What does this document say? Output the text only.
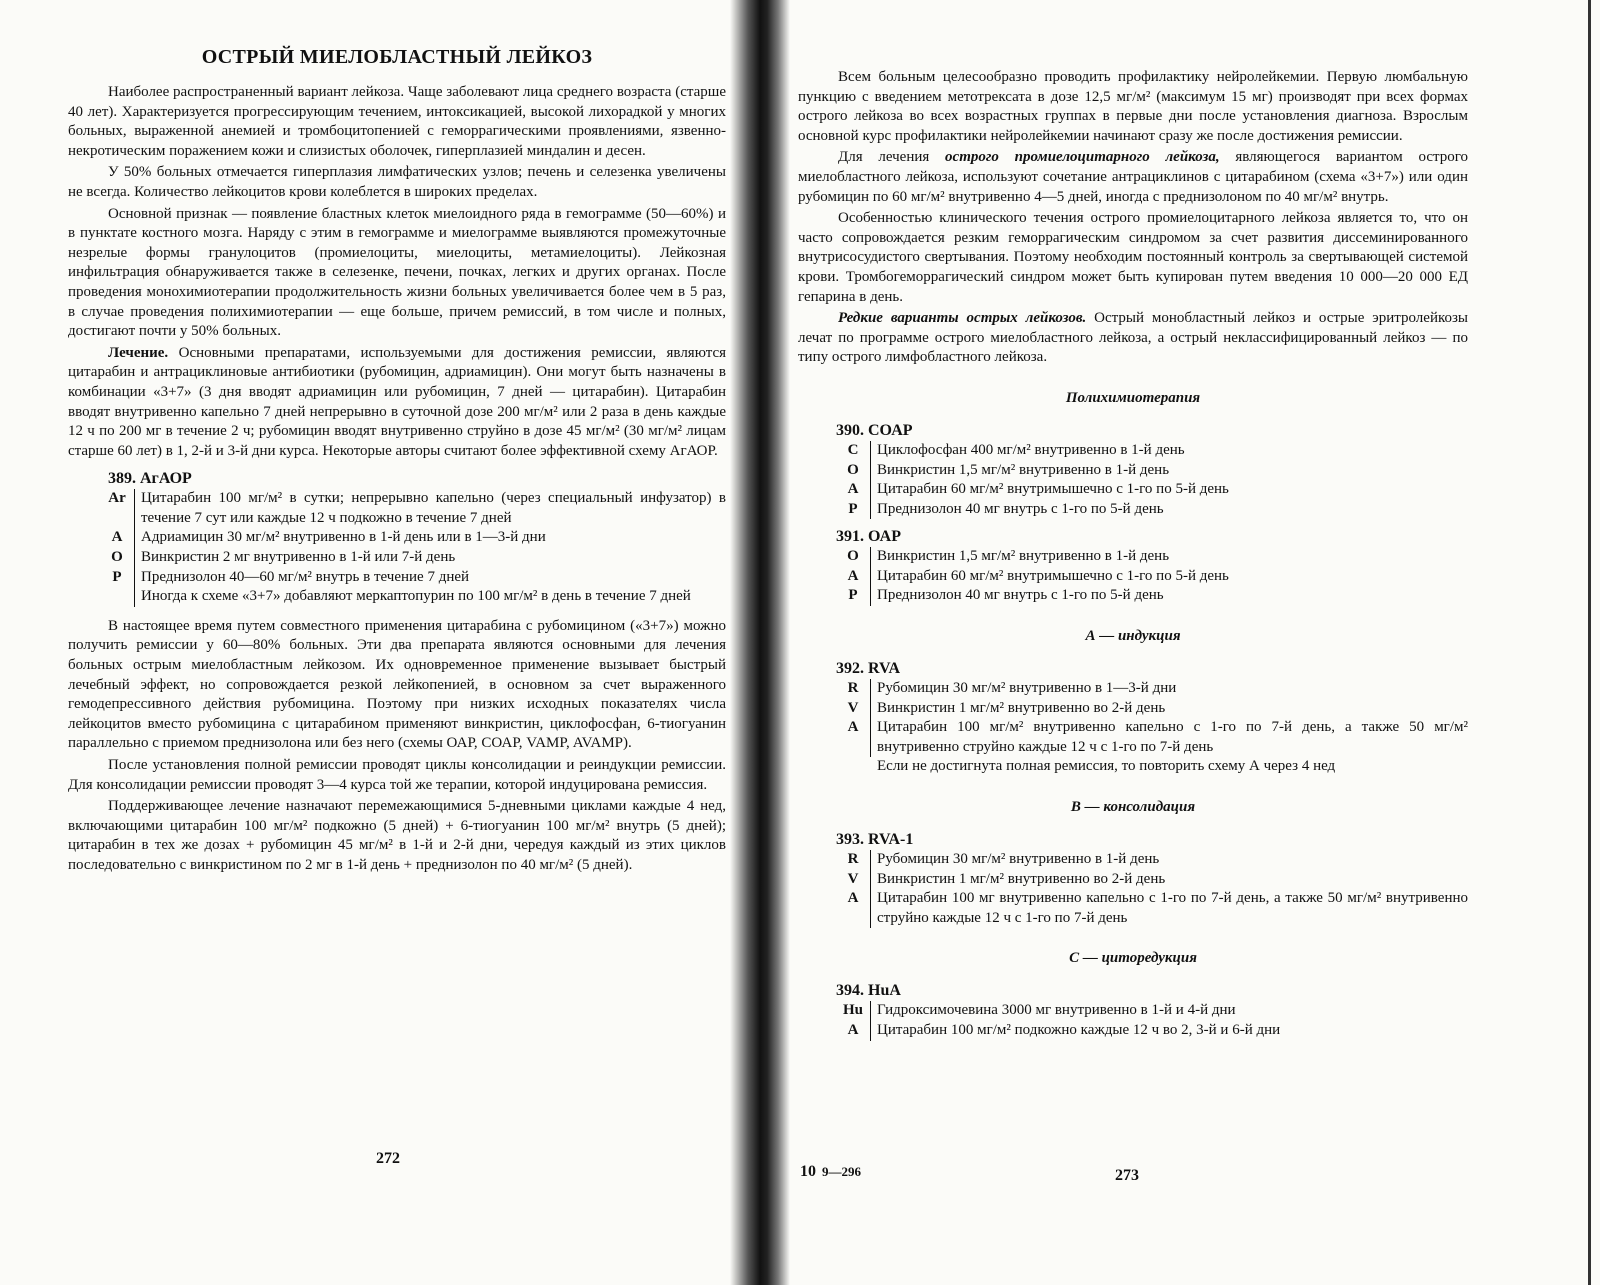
ОСТРЫЙ МИЕЛОБЛАСТНЫЙ ЛЕЙКОЗ

Наиболее распространенный вариант лейкоза. Чаще заболевают лица среднего возраста (старше 40 лет). Характеризуется прогрессирующим течением, интоксикацией, высокой лихорадкой у многих больных, выраженной анемией и тромбоцитопенией с геморрагическими проявлениями, язвенно-некротическим поражением кожи и слизистых оболочек, гиперплазией миндалин и десен.

У 50% больных отмечается гиперплазия лимфатических узлов; печень и селезенка увеличены не всегда. Количество лейкоцитов крови колеблется в широких пределах.

Основной признак — появление бластных клеток миелоидного ряда в гемограмме (50—60%) и в пунктате костного мозга. Наряду с этим в гемограмме и миелограмме выявляются промежуточные незрелые формы гранулоцитов (промиелоциты, миелоциты, метамиелоциты). Лейкозная инфильтрация обнаруживается также в селезенке, печени, почках, легких и других органах. После проведения монохимиотерапии продолжительность жизни больных увеличивается более чем в 5 раз, в случае проведения полихимиотерапии — еще больше, причем ремиссий, в том числе и полных, достигают почти у 50% больных.

Лечение. Основными препаратами, используемыми для достижения ремиссии, являются цитарабин и антрациклиновые антибиотики (рубомицин, адриамицин). Они могут быть назначены в комбинации «3+7» (3 дня вводят адриамицин или рубомицин, 7 дней — цитарабин). Цитарабин вводят внутривенно капельно 7 дней непрерывно в суточной дозе 200 мг/м² или 2 раза в день каждые 12 ч по 200 мг в течение 2 ч; рубомицин вводят внутривенно струйно в дозе 45 мг/м² (30 мг/м² лицам старше 60 лет) в 1, 2-й и 3-й дни курса. Некоторые авторы считают более эффективной схему АгАОР.

389. АгАОР
Ar	Цитарабин 100 мг/м² в сутки; непрерывно капельно (через специальный инфузатор) в течение 7 сут или каждые 12 ч подкожно в течение 7 дней
А	Адриамицин 30 мг/м² внутривенно в 1-й день или в 1—3-й дни
О	Винкристин 2 мг внутривенно в 1-й или 7-й день
Р	Преднизолон 40—60 мг/м² внутрь в течение 7 дней
Иногда к схеме «3+7» добавляют меркаптопурин по 100 мг/м² в день в течение 7 дней

В настоящее время путем совместного применения цитарабина с рубомицином («3+7») можно получить ремиссии у 60—80% больных. Эти два препарата являются основными для лечения больных острым миелобластным лейкозом. Их одновременное применение вызывает быстрый лечебный эффект, но сопровождается резкой лейкопенией, в основном за счет выраженного гемодепрессивного действия рубомицина. Поэтому при низких исходных показателях числа лейкоцитов вместо рубомицина с цитарабином применяют винкристин, циклофосфан, 6-тиогуанин параллельно с приемом преднизолона или без него (схемы ОАР, СОАР, VAMP, AVAMP).

После установления полной ремиссии проводят циклы консолидации и реиндукции ремиссии. Для консолидации ремиссии проводят 3—4 курса той же терапии, которой индуцирована ремиссия.

Поддерживающее лечение назначают перемежающимися 5-дневными циклами каждые 4 нед, включающими цитарабин 100 мг/м² подкожно (5 дней) + 6-тиогуанин 100 мг/м² внутрь (5 дней); цитарабин в тех же дозах + рубомицин 45 мг/м² в 1-й и 2-й дни, чередуя каждый из этих циклов последовательно с винкристином по 2 мг в 1-й день + преднизолон по 40 мг/м² (5 дней).

272

Всем больным целесообразно проводить профилактику нейролейкемии. Первую люмбальную пункцию с введением метотрексата в дозе 12,5 мг/м² (максимум 15 мг) производят при всех формах острого лейкоза во всех возрастных группах в первые дни после установления диагноза. Взрослым основной курс профилактики нейролейкемии начинают сразу же после достижения ремиссии.

Для лечения острого промиелоцитарного лейкоза, являющегося вариантом острого миелобластного лейкоза, используют сочетание антрациклинов с цитарабином (схема «3+7») или один рубомицин по 60 мг/м² внутривенно 4—5 дней, иногда с преднизолоном по 40 мг/м² внутрь.

Особенностью клинического течения острого промиелоцитарного лейкоза является то, что он часто сопровождается резким геморрагическим синдромом за счет развития диссеминированного внутрисосудистого свертывания. Поэтому необходим постоянный контроль за свертывающей системой крови. Тромбогеморрагический синдром может быть купирован путем введения 10 000—20 000 ЕД гепарина в день.

Редкие варианты острых лейкозов. Острый монобластный лейкоз и острые эритролейкозы лечат по программе острого миелобластного лейкоза, а острый неклассифицированный лейкоз — по типу острого лимфобластного лейкоза.

Полихимиотерапия
390. СОАР
С	Циклофосфан 400 мг/м² внутривенно в 1-й день
О	Винкристин 1,5 мг/м² внутривенно в 1-й день
А	Цитарабин 60 мг/м² внутримышечно с 1-го по 5-й день
Р	Преднизолон 40 мг внутрь с 1-го по 5-й день
391. ОАР
О	Винкристин 1,5 мг/м² внутривенно в 1-й день
А	Цитарабин 60 мг/м² внутримышечно с 1-го по 5-й день
Р	Преднизолон 40 мг внутрь с 1-го по 5-й день
А — индукция
392. RVA
R	Рубомицин 30 мг/м² внутривенно в 1—3-й дни
V	Винкристин 1 мг/м² внутривенно во 2-й день
А	Цитарабин 100 мг/м² внутривенно капельно с 1-го по 7-й день, а также 50 мг/м² внутривенно струйно каждые 12 ч с 1-го по 7-й день
Если не достигнута полная ремиссия, то повторить схему А через 4 нед
В — консолидация
393. RVA-1
R	Рубомицин 30 мг/м² внутривенно в 1-й день
V	Винкристин 1 мг/м² внутривенно во 2-й день
А	Цитарабин 100 мг внутривенно капельно с 1-го по 7-й день, а также 50 мг/м² внутривенно струйно каждые 12 ч с 1-го по 7-й день
С — циторедукция
394. HuA
Hu Гидроксимочевина 3000 мг внутривенно в 1-й и 4-й дни
А	Цитарабин 100 мг/м² подкожно каждые 12 ч во 2, 3-й и 6-й дни
10 9—296	273
